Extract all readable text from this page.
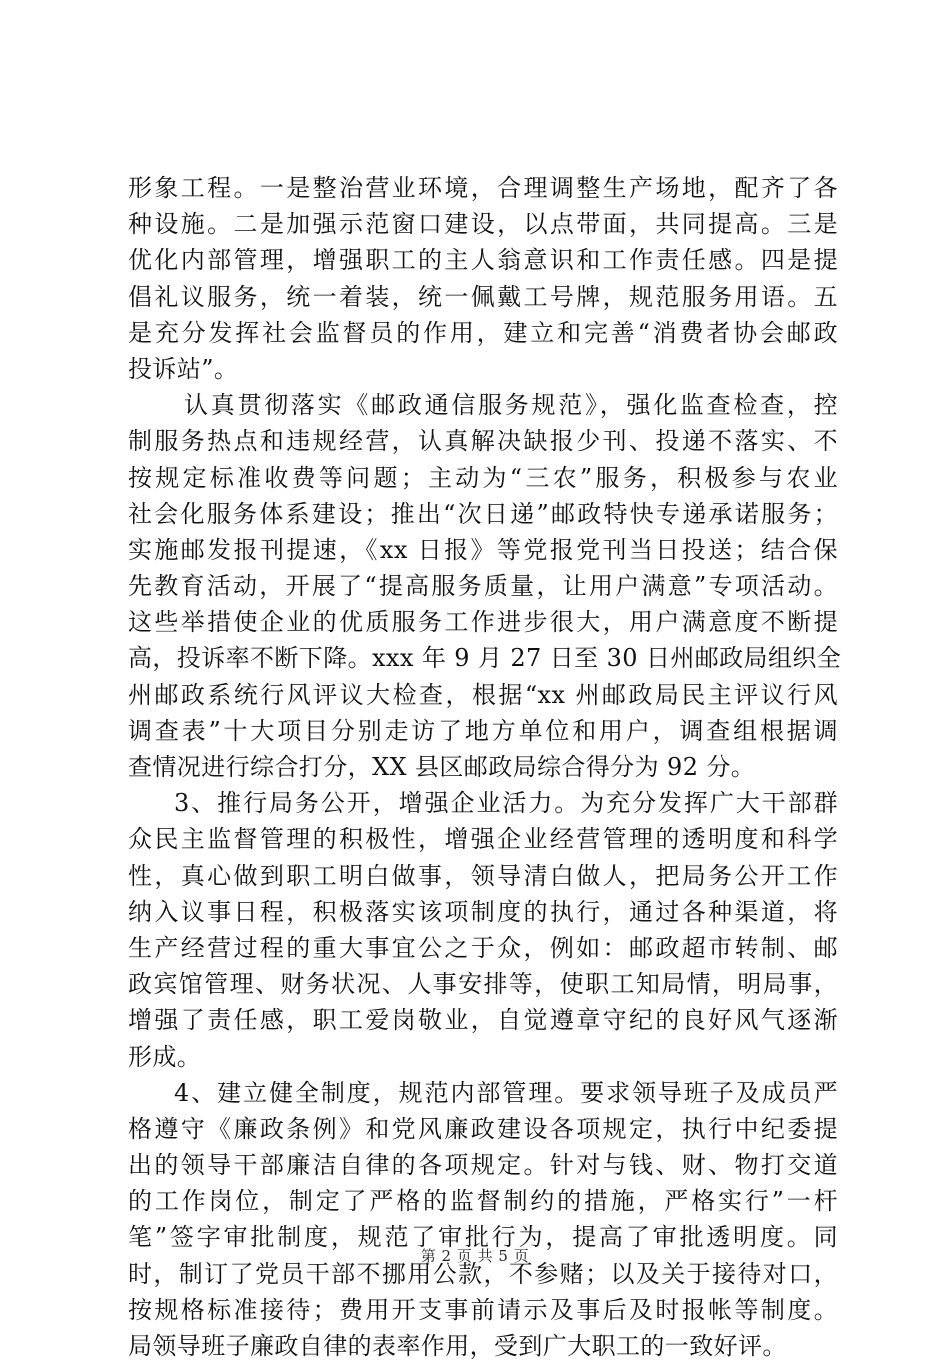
形象工程。一是整治营业环境，合理调整生产场地，配齐了各
种设施。二是加强示范窗口建设，以点带面，共同提高。三是
优化内部管理，增强职工的主人翁意识和工作责任感。四是提
倡礼议服务，统一着装，统一佩戴工号牌，规范服务用语。五
是充分发挥社会监督员的作用，建立和完善“消费者协会邮政
投诉站”。
认真贯彻落实《邮政通信服务规范》，强化监查检查，控
制服务热点和违规经营，认真解决缺报少刊、投递不落实、不
按规定标准收费等问题；主动为“三农”服务，积极参与农业
社会化服务体系建设；推出“次日递”邮政特快专递承诺服务；
实施邮发报刊提速，《xx 日报》等党报党刊当日投送；结合保
先教育活动，开展了“提高服务质量，让用户满意”专项活动。
这些举措使企业的优质服务工作进步很大，用户满意度不断提
高，投诉率不断下降。xxx 年 9 月 27 日至 30 日州邮政局组织全
州邮政系统行风评议大检查，根据“xx 州邮政局民主评议行风
调查表”十大项目分别走访了地方单位和用户，调查组根据调
查情况进行综合打分，XX 县区邮政局综合得分为 92 分。
3、推行局务公开，增强企业活力。为充分发挥广大干部群
众民主监督管理的积极性，增强企业经营管理的透明度和科学
性，真心做到职工明白做事，领导清白做人，把局务公开工作
纳入议事日程，积极落实该项制度的执行，通过各种渠道，将
生产经营过程的重大事宜公之于众，例如：邮政超市转制、邮
政宾馆管理、财务状况、人事安排等，使职工知局情，明局事，
增强了责任感，职工爱岗敬业，自觉遵章守纪的良好风气逐渐
形成。
4、建立健全制度，规范内部管理。要求领导班子及成员严
格遵守《廉政条例》和党风廉政建设各项规定，执行中纪委提
出的领导干部廉洁自律的各项规定。针对与钱、财、物打交道
的工作岗位，制定了严格的监督制约的措施，严格实行”一杆
笔”签字审批制度，规范了审批行为，提高了审批透明度。同
时，制订了党员干部不挪用公款，不参赌；以及关于接待对口，
按规格标准接待；费用开支事前请示及事后及时报帐等制度。
局领导班子廉政自律的表率作用，受到广大职工的一致好评。
第 2 页 共 5 页
